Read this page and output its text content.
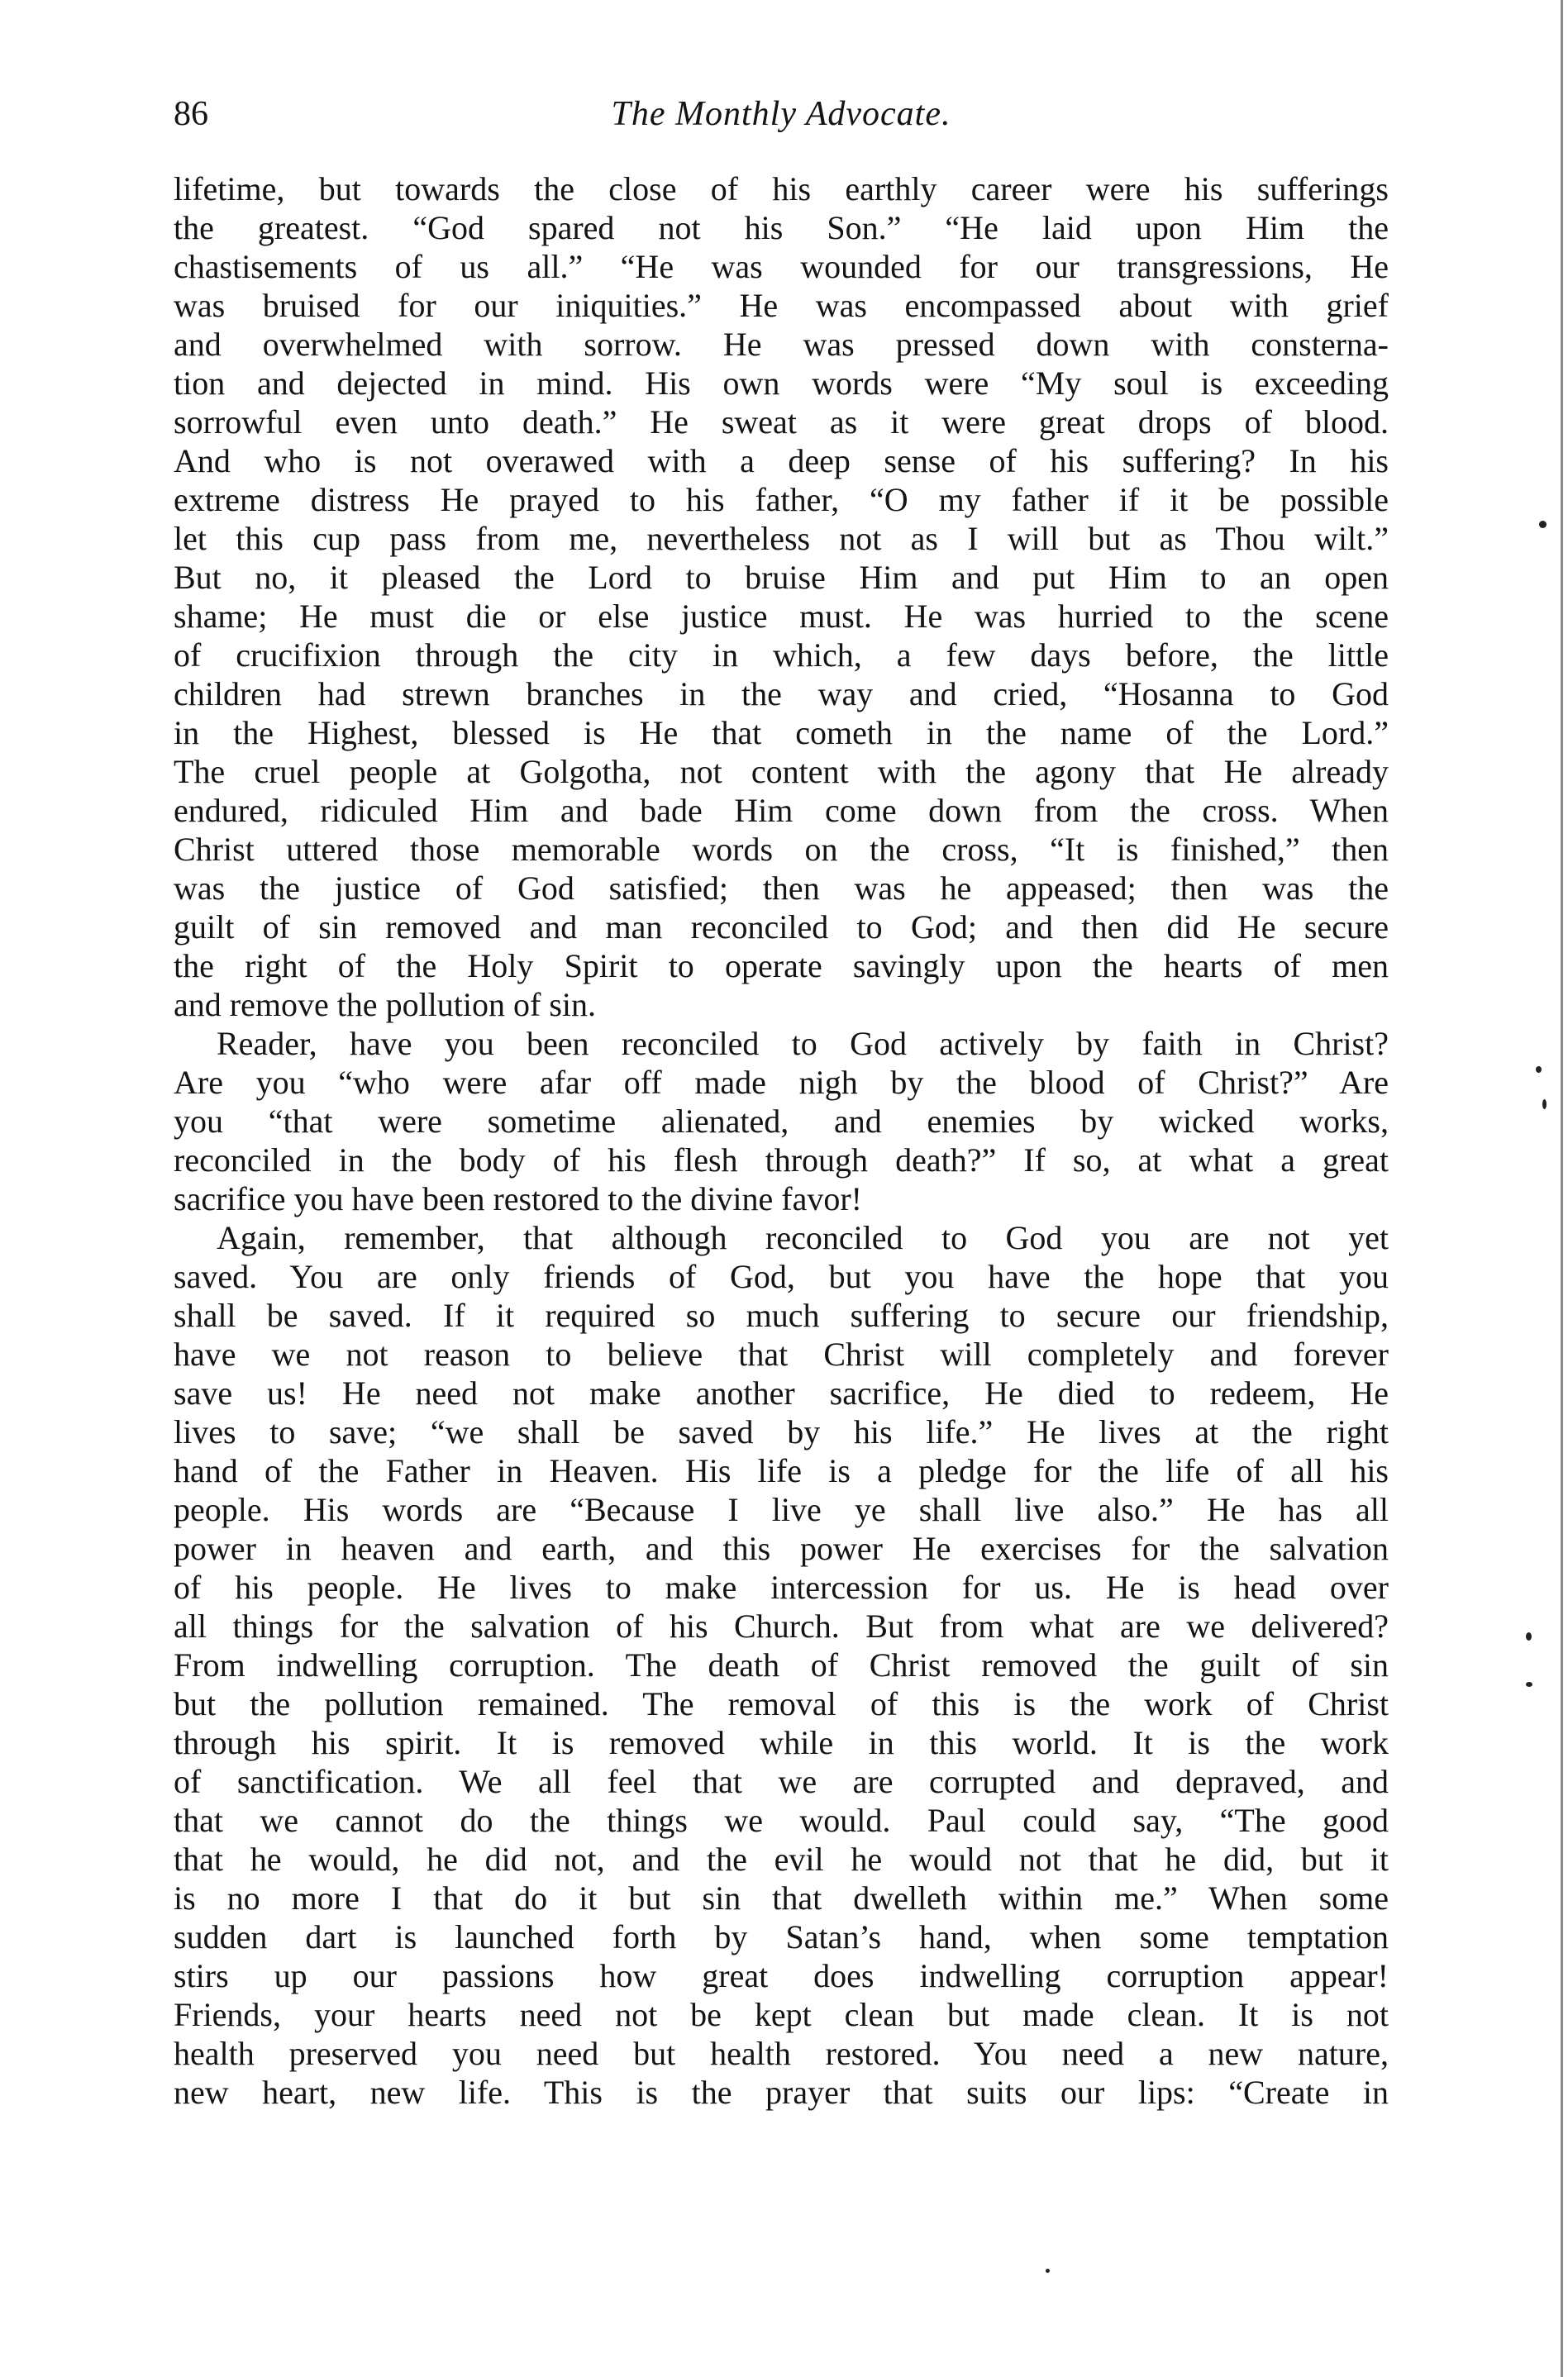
86	The Monthly Advocate.
lifetime, but towards the close of his earthly career were his sufferings
the greatest. “God spared not his Son.” “He laid upon Him the
chastisements of us all.” “He was wounded for our transgressions, He
was bruised for our iniquities.” He was encompassed about with grief
and overwhelmed with sorrow. He was pressed down with consterna-
tion and dejected in mind. His own words were “My soul is exceeding
sorrowful even unto death.” He sweat as it were great drops of blood.
And who is not overawed with a deep sense of his suffering? In his
extreme distress He prayed to his father, “O my father if it be possible
let this cup pass from me, nevertheless not as I will but as Thou wilt.”
But no, it pleased the Lord to bruise Him and put Him to an open
shame; He must die or else justice must. He was hurried to the scene
of crucifixion through the city in which, a few days before, the little
children had strewn branches in the way and cried, “Hosanna to God
in the Highest, blessed is He that cometh in the name of the Lord.”
The cruel people at Golgotha, not content with the agony that He already
endured, ridiculed Him and bade Him come down from the cross. When
Christ uttered those memorable words on the cross, “It is finished,” then
was the justice of God satisfied; then was he appeased; then was the
guilt of sin removed and man reconciled to God; and then did He secure
the right of the Holy Spirit to operate savingly upon the hearts of men
and remove the pollution of sin.
Reader, have you been reconciled to God actively by faith in Christ?
Are you “who were afar off made nigh by the blood of Christ?” Are
you “that were sometime alienated, and enemies by wicked works,
reconciled in the body of his flesh through death?” If so, at what a great
sacrifice you have been restored to the divine favor!
Again, remember, that although reconciled to God you are not yet
saved. You are only friends of God, but you have the hope that you
shall be saved. If it required so much suffering to secure our friendship,
have we not reason to believe that Christ will completely and forever
save us! He need not make another sacrifice, He died to redeem, He
lives to save; “we shall be saved by his life.” He lives at the right
hand of the Father in Heaven. His life is a pledge for the life of all his
people. His words are “Because I live ye shall live also.” He has all
power in heaven and earth, and this power He exercises for the salvation
of his people. He lives to make intercession for us. He is head over
all things for the salvation of his Church. But from what are we delivered?
From indwelling corruption. The death of Christ removed the guilt of sin
but the pollution remained. The removal of this is the work of Christ
through his spirit. It is removed while in this world. It is the work
of sanctification. We all feel that we are corrupted and depraved, and
that we cannot do the things we would. Paul could say, “The good
that he would, he did not, and the evil he would not that he did, but it
is no more I that do it but sin that dwelleth within me.” When some
sudden dart is launched forth by Satan’s hand, when some temptation
stirs up our passions how great does indwelling corruption appear!
Friends, your hearts need not be kept clean but made clean. It is not
health preserved you need but health restored. You need a new nature,
new heart, new life. This is the prayer that suits our lips: “Create in
